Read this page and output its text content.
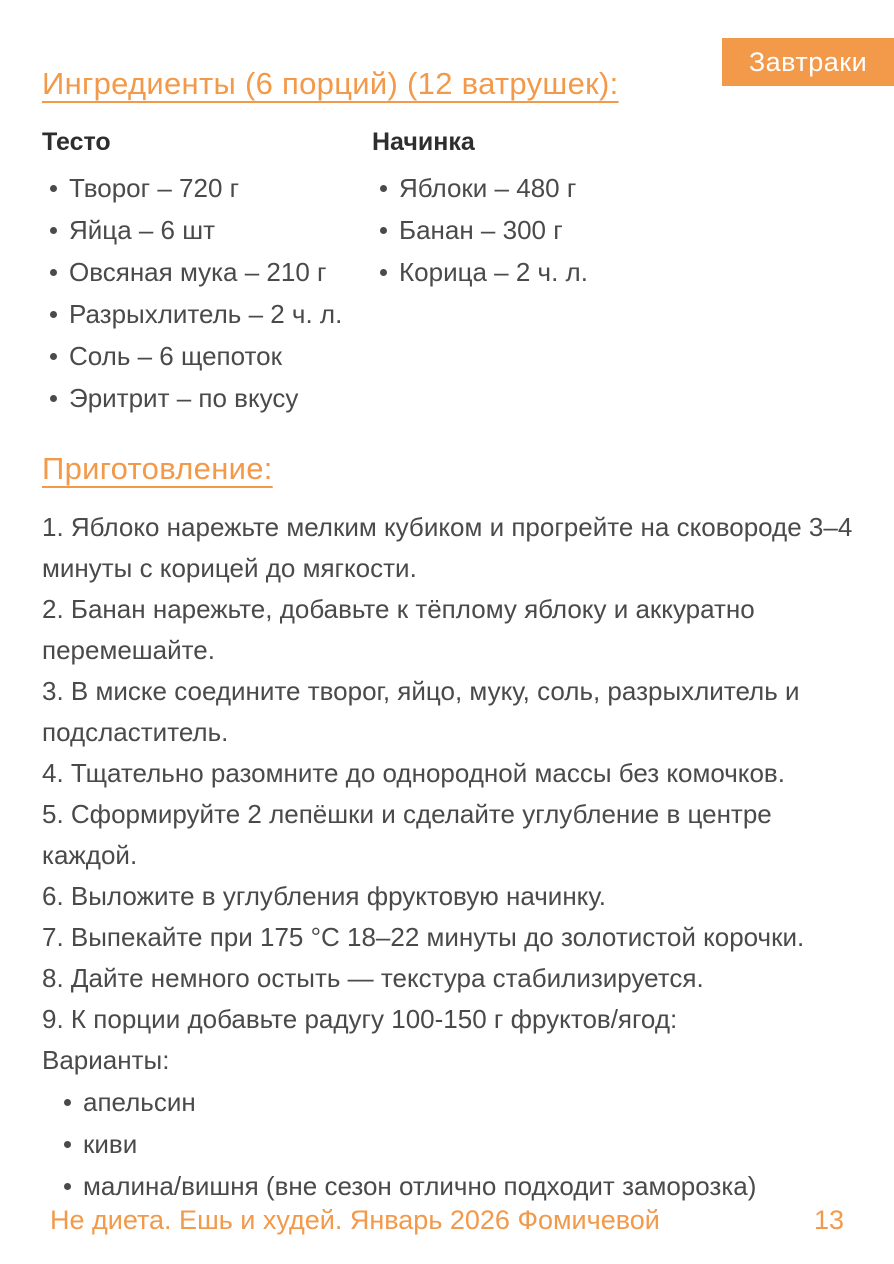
Завтраки
Ингредиенты (6 порций) (12 ватрушек):

Тесто

Творог – 720 г
Яйца – 6 шт
Овсяная мука – 210 г
Разрыхлитель – 2 ч. л.
Соль – 6 щепоток
Эритрит – по вкусу

Начинка

Яблоки – 480 г
Банан – 300 г
Корица – 2 ч. л.
Приготовление:

1. Яблоко нарежьте мелким кубиком и прогрейте на сковороде 3–4 минуты с корицей до мягкости.

2. Банан нарежьте, добавьте к тёплому яблоку и аккуратно перемешайте.

3. В миске соедините творог, яйцо, муку, соль, разрыхлитель и подсластитель.

4. Тщательно разомните до однородной массы без комочков.

5. Сформируйте 2 лепёшки и сделайте углубление в центре каждой.

6. Выложите в углубления фруктовую начинку.

7. Выпекайте при 175 °C 18–22 минуты до золотистой корочки.

8. Дайте немного остыть — текстура стабилизируется.

9. К порции добавьте радугу 100-150 г фруктов/ягод:

Варианты:

апельсин
киви
малина/вишня (вне сезон отлично подходит заморозка)
Не диета. Ешь и худей. Январь 2026 Фомичевой	13
